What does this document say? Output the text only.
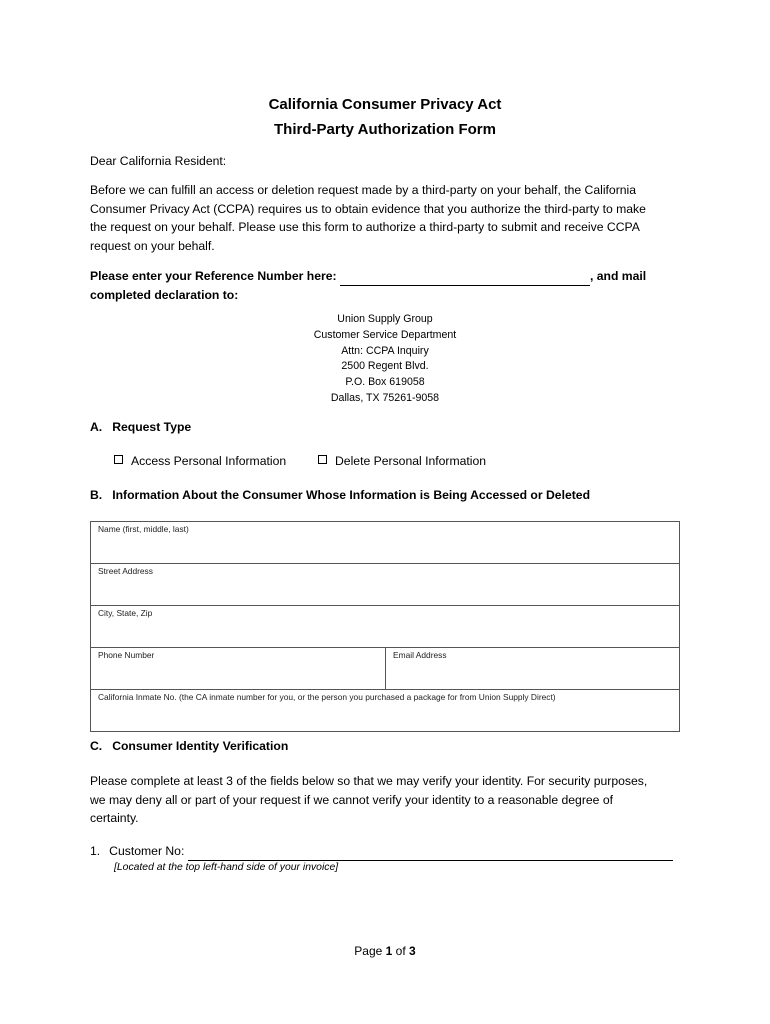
California Consumer Privacy Act
Third-Party Authorization Form
Dear California Resident:
Before we can fulfill an access or deletion request made by a third-party on your behalf, the California
Consumer Privacy Act (CCPA) requires us to obtain evidence that you authorize the third-party to make
the request on your behalf. Please use this form to authorize a third-party to submit and receive CCPA
request on your behalf.
Please enter your Reference Number here:	, and mail
completed declaration to:
Union Supply Group
Customer Service Department
Attn: CCPA Inquiry
2500 Regent Blvd.
P.O. Box 619058
Dallas, TX 75261-9058
A. Request Type
Access Personal Information	Delete Personal Information
B. Information About the Consumer Whose Information is Being Accessed or Deleted
Name (first, middle, last)
Street Address
City, State, Zip
Phone Number	Email Address
California Inmate No. (the CA inmate number for you, or the person you purchased a package for from Union Supply Direct)
C. Consumer Identity Verification
Please complete at least 3 of the fields below so that we may verify your identity. For security purposes,
we may deny all or part of your request if we cannot verify your identity to a reasonable degree of
certainty.
1. Customer No:
[Located at the top left-hand side of your invoice]
Page 1 of 3
